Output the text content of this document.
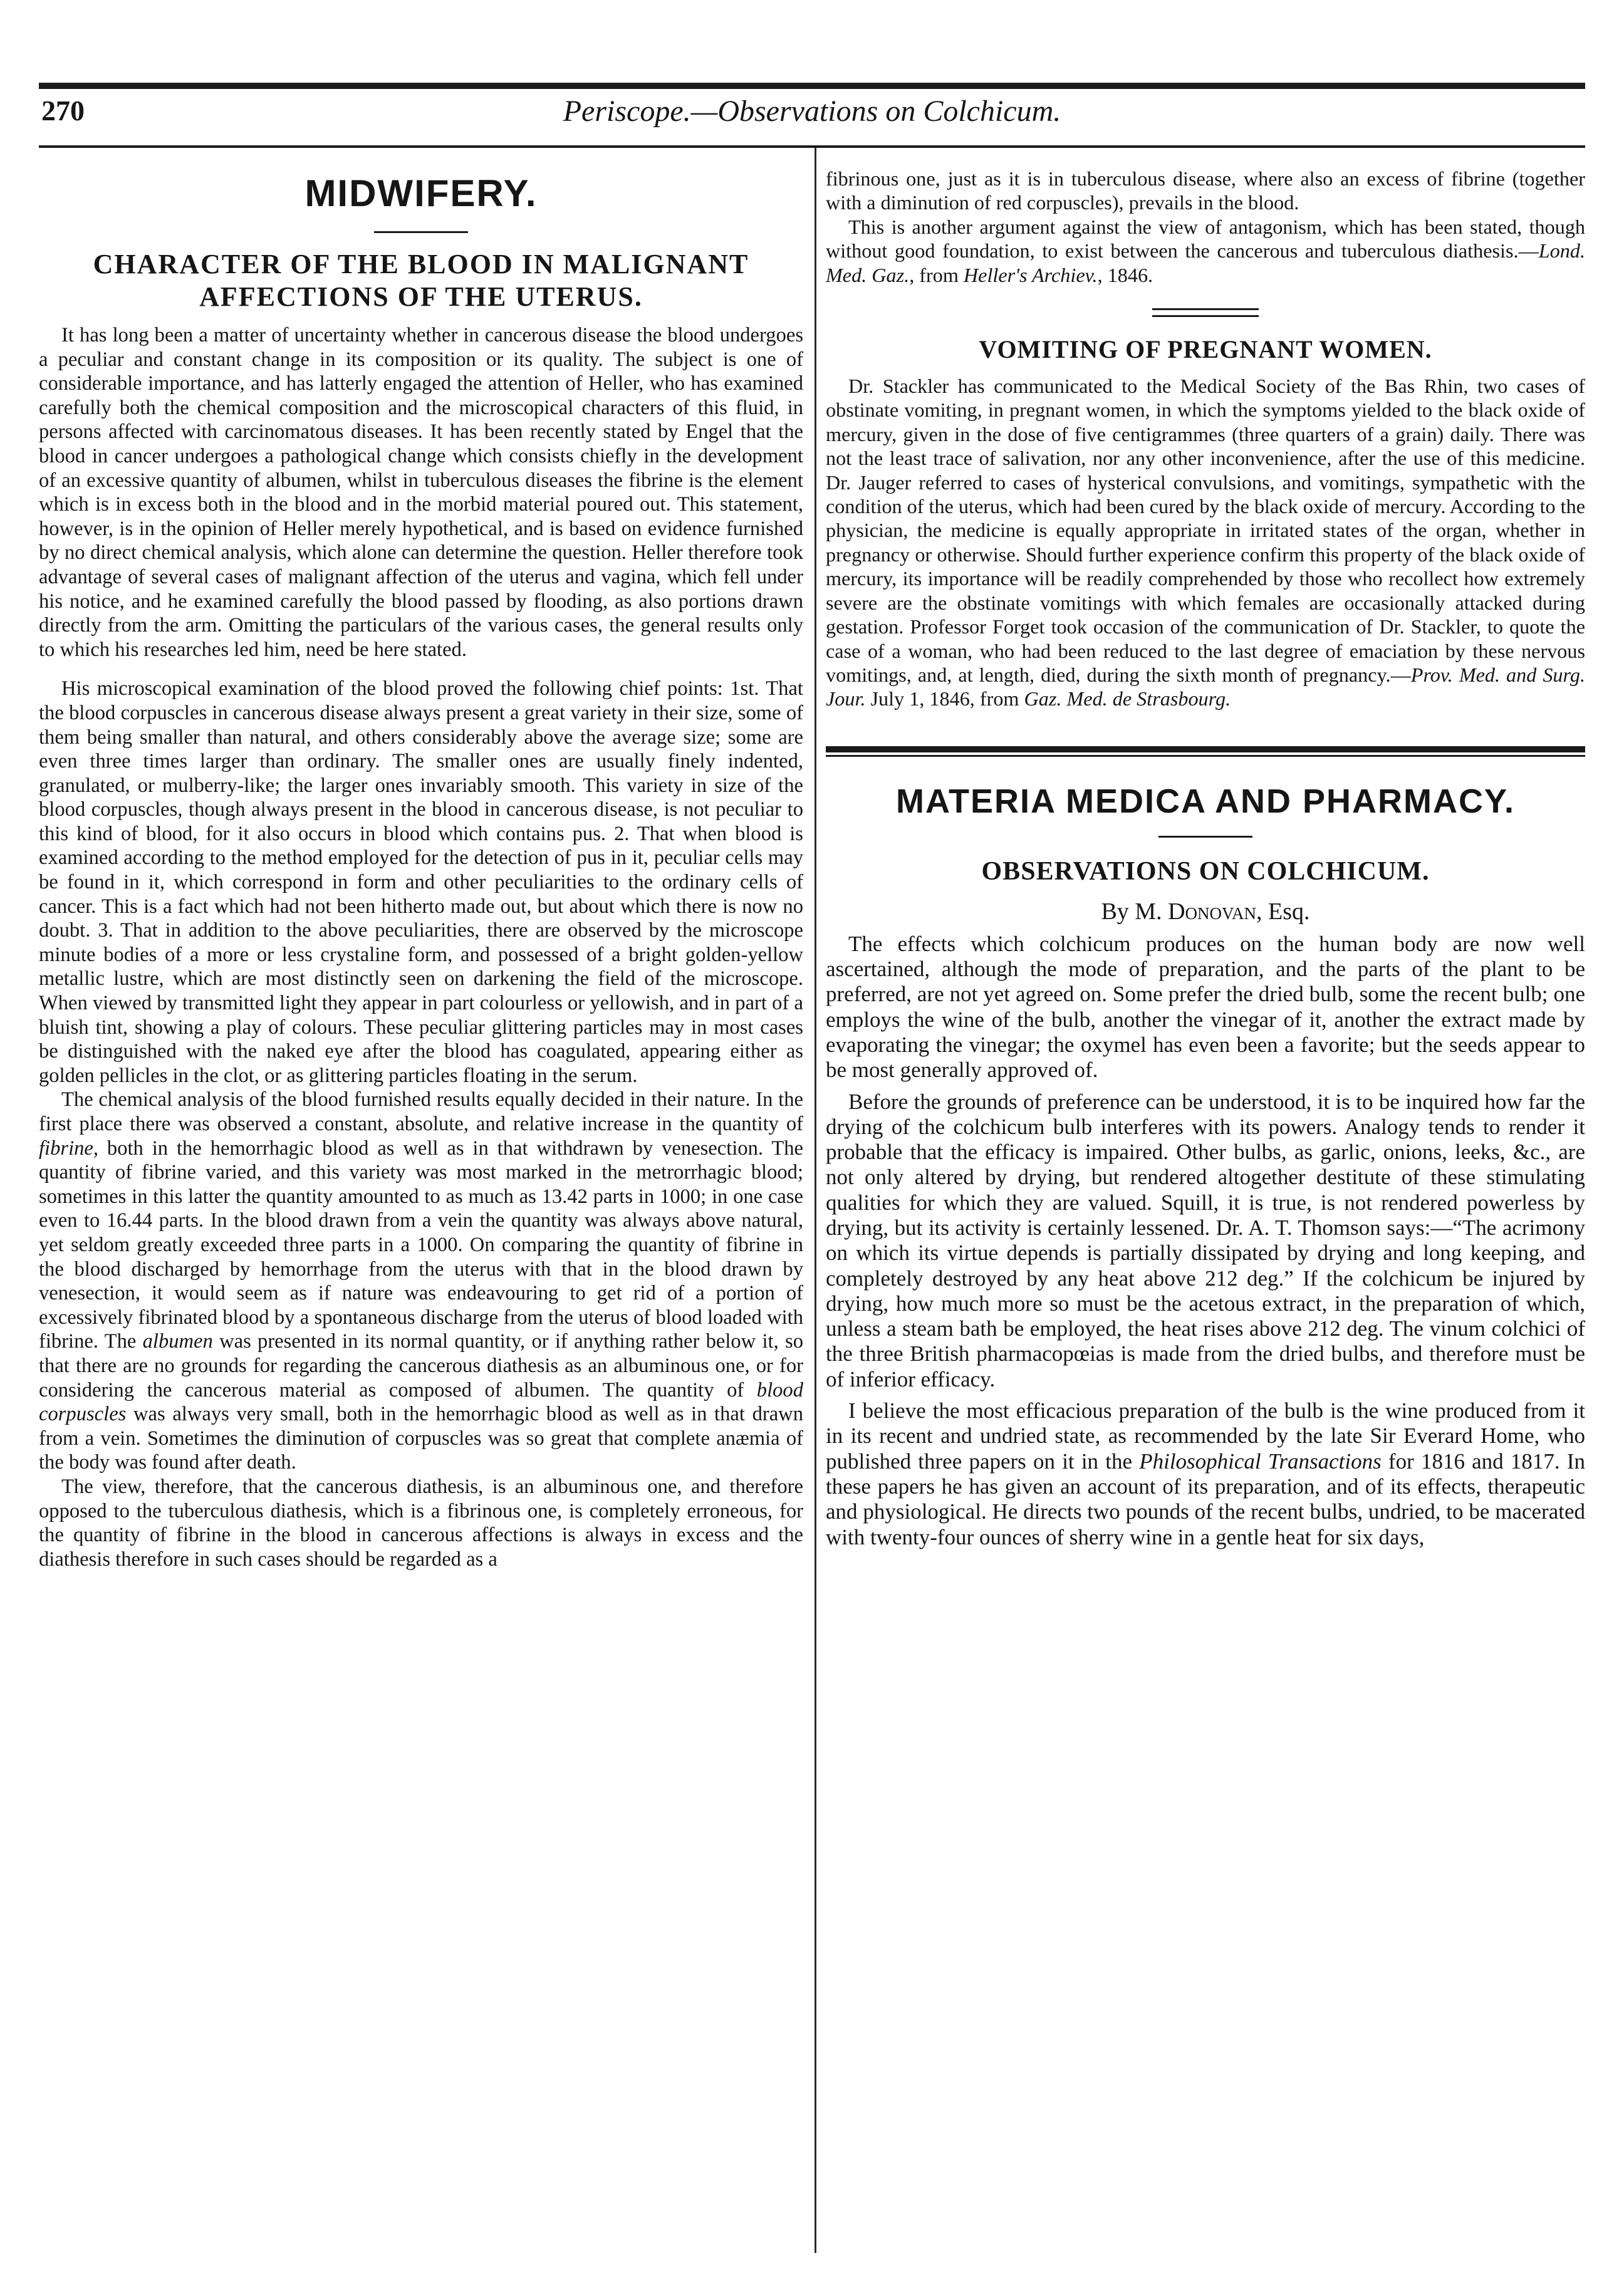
270	Periscope.—Observations on Colchicum.
MIDWIFERY.
CHARACTER OF THE BLOOD IN MALIGNANT
AFFECTIONS OF THE UTERUS.

It has long been a matter of uncertainty whether in cancerous disease the blood undergoes a peculiar and constant change in its composition or its quality. The subject is one of considerable importance, and has latterly engaged the attention of Heller, who has examined carefully both the chemical composition and the microscopical characters of this fluid, in persons affected with carcinomatous diseases. It has been recently stated by Engel that the blood in cancer undergoes a pathological change which consists chiefly in the development of an excessive quantity of albumen, whilst in tuberculous diseases the fibrine is the element which is in excess both in the blood and in the morbid material poured out. This statement, however, is in the opinion of Heller merely hypothetical, and is based on evidence furnished by no direct chemical analysis, which alone can determine the question. Heller therefore took advantage of several cases of malignant affection of the uterus and vagina, which fell under his notice, and he examined carefully the blood passed by flooding, as also portions drawn directly from the arm. Omitting the particulars of the various cases, the general results only to which his researches led him, need be here stated.

His microscopical examination of the blood proved the following chief points: 1st. That the blood corpuscles in cancerous disease always present a great variety in their size, some of them being smaller than natural, and others considerably above the average size; some are even three times larger than ordinary. The smaller ones are usually finely indented, granulated, or mulberry-like; the larger ones invariably smooth. This variety in size of the blood corpuscles, though always present in the blood in cancerous disease, is not peculiar to this kind of blood, for it also occurs in blood which contains pus. 2. That when blood is examined according to the method employed for the detection of pus in it, peculiar cells may be found in it, which correspond in form and other peculiarities to the ordinary cells of cancer. This is a fact which had not been hitherto made out, but about which there is now no doubt. 3. That in addition to the above peculiarities, there are observed by the microscope minute bodies of a more or less crystaline form, and possessed of a bright golden-yellow metallic lustre, which are most distinctly seen on darkening the field of the microscope. When viewed by transmitted light they appear in part colourless or yellowish, and in part of a bluish tint, showing a play of colours. These peculiar glittering particles may in most cases be distinguished with the naked eye after the blood has coagulated, appearing either as golden pellicles in the clot, or as glittering particles floating in the serum.

The chemical analysis of the blood furnished results equally decided in their nature. In the first place there was observed a constant, absolute, and relative increase in the quantity of fibrine, both in the hemorrhagic blood as well as in that withdrawn by venesection. The quantity of fibrine varied, and this variety was most marked in the metrorrhagic blood; sometimes in this latter the quantity amounted to as much as 13.42 parts in 1000; in one case even to 16.44 parts. In the blood drawn from a vein the quantity was always above natural, yet seldom greatly exceeded three parts in a 1000. On comparing the quantity of fibrine in the blood discharged by hemorrhage from the uterus with that in the blood drawn by venesection, it would seem as if nature was endeavouring to get rid of a portion of excessively fibrinated blood by a spontaneous discharge from the uterus of blood loaded with fibrine. The albumen was presented in its normal quantity, or if anything rather below it, so that there are no grounds for regarding the cancerous diathesis as an albuminous one, or for considering the cancerous material as composed of albumen. The quantity of blood corpuscles was always very small, both in the hemorrhagic blood as well as in that drawn from a vein. Sometimes the diminution of corpuscles was so great that complete anæmia of the body was found after death.

The view, therefore, that the cancerous diathesis, is an albuminous one, and therefore opposed to the tuberculous diathesis, which is a fibrinous one, is completely erroneous, for the quantity of fibrine in the blood in cancerous affections is always in excess and the diathesis therefore in such cases should be regarded as a

fibrinous one, just as it is in tuberculous disease, where also an excess of fibrine (together with a diminution of red corpuscles), prevails in the blood.

This is another argument against the view of antagonism, which has been stated, though without good foundation, to exist between the cancerous and tuberculous diathesis.—Lond. Med. Gaz., from Heller's Archiev., 1846.

VOMITING OF PREGNANT WOMEN.

Dr. Stackler has communicated to the Medical Society of the Bas Rhin, two cases of obstinate vomiting, in pregnant women, in which the symptoms yielded to the black oxide of mercury, given in the dose of five centigrammes (three quarters of a grain) daily. There was not the least trace of salivation, nor any other inconvenience, after the use of this medicine. Dr. Jauger referred to cases of hysterical convulsions, and vomitings, sympathetic with the condition of the uterus, which had been cured by the black oxide of mercury. According to the physician, the medicine is equally appropriate in irritated states of the organ, whether in pregnancy or otherwise. Should further experience confirm this property of the black oxide of mercury, its importance will be readily comprehended by those who recollect how extremely severe are the obstinate vomitings with which females are occasionally attacked during gestation. Professor Forget took occasion of the communication of Dr. Stackler, to quote the case of a woman, who had been reduced to the last degree of emaciation by these nervous vomitings, and, at length, died, during the sixth month of pregnancy.—Prov. Med. and Surg. Jour. July 1, 1846, from Gaz. Med. de Strasbourg.

MATERIA MEDICA AND PHARMACY.
OBSERVATIONS ON COLCHICUM.

By M. Donovan, Esq.

The effects which colchicum produces on the human body are now well ascertained, although the mode of preparation, and the parts of the plant to be preferred, are not yet agreed on. Some prefer the dried bulb, some the recent bulb; one employs the wine of the bulb, another the vinegar of it, another the extract made by evaporating the vinegar; the oxymel has even been a favorite; but the seeds appear to be most generally approved of.

Before the grounds of preference can be understood, it is to be inquired how far the drying of the colchicum bulb interferes with its powers. Analogy tends to render it probable that the efficacy is impaired. Other bulbs, as garlic, onions, leeks, &c., are not only altered by drying, but rendered altogether destitute of these stimulating qualities for which they are valued. Squill, it is true, is not rendered powerless by drying, but its activity is certainly lessened. Dr. A. T. Thomson says:—“The acrimony on which its virtue depends is partially dissipated by drying and long keeping, and completely destroyed by any heat above 212 deg.” If the colchicum be injured by drying, how much more so must be the acetous extract, in the preparation of which, unless a steam bath be employed, the heat rises above 212 deg. The vinum colchici of the three British pharmacopœias is made from the dried bulbs, and therefore must be of inferior efficacy.

I believe the most efficacious preparation of the bulb is the wine produced from it in its recent and undried state, as recommended by the late Sir Everard Home, who published three papers on it in the Philosophical Transactions for 1816 and 1817. In these papers he has given an account of its preparation, and of its effects, therapeutic and physiological. He directs two pounds of the recent bulbs, undried, to be macerated with twenty-four ounces of sherry wine in a gentle heat for six days,
